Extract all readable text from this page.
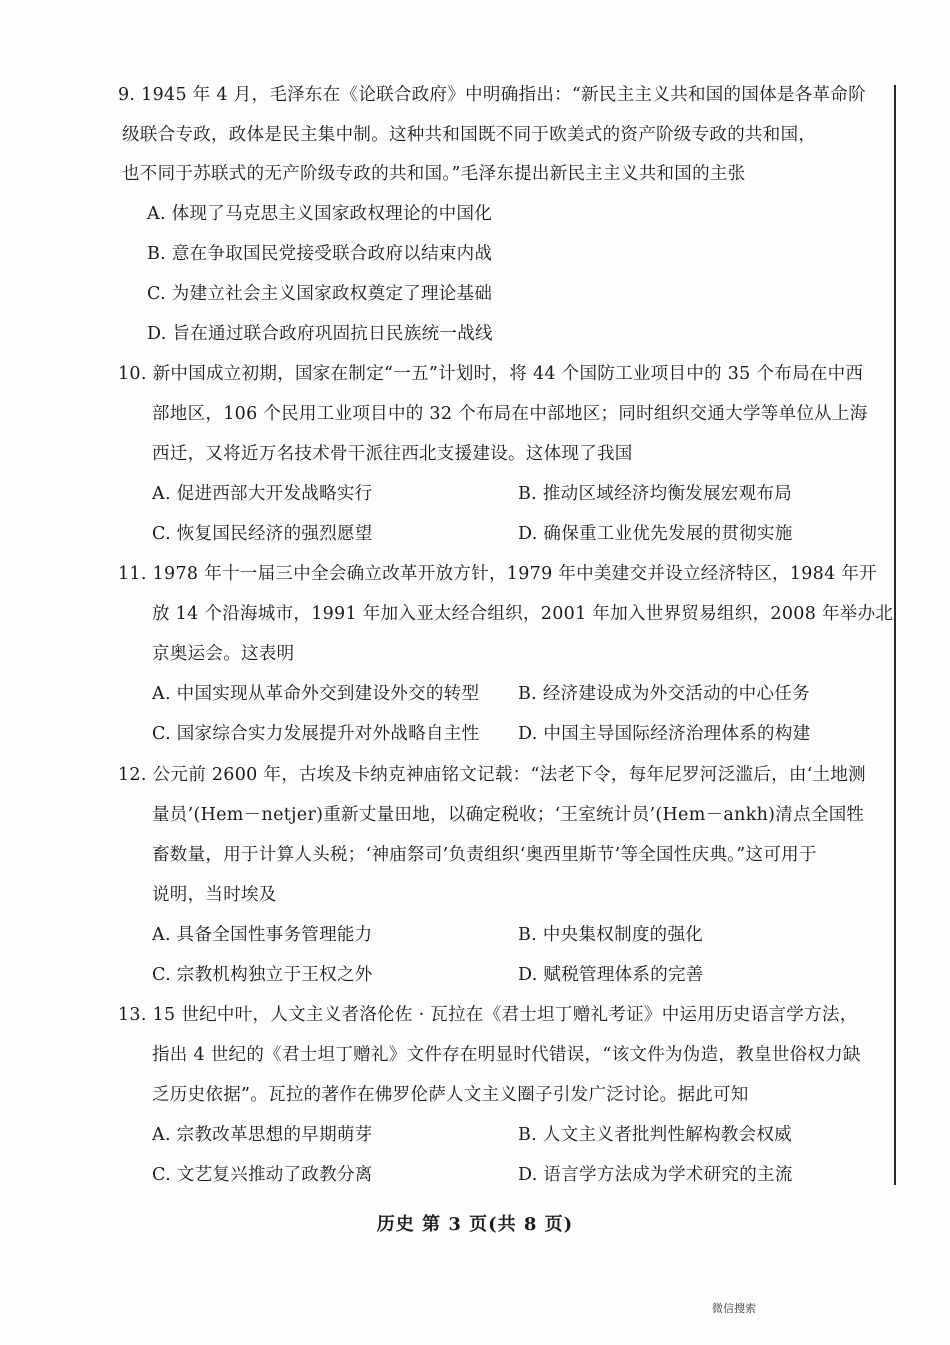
9. 1945 年 4 月，毛泽东在《论联合政府》中明确指出：“新民主主义共和国的国体是各革命阶
级联合专政，政体是民主集中制。这种共和国既不同于欧美式的资产阶级专政的共和国，
也不同于苏联式的无产阶级专政的共和国。”毛泽东提出新民主主义共和国的主张
A. 体现了马克思主义国家政权理论的中国化
B. 意在争取国民党接受联合政府以结束内战
C. 为建立社会主义国家政权奠定了理论基础
D. 旨在通过联合政府巩固抗日民族统一战线
10. 新中国成立初期，国家在制定“一五”计划时，将 44 个国防工业项目中的 35 个布局在中西
部地区，106 个民用工业项目中的 32 个布局在中部地区；同时组织交通大学等单位从上海
西迁，又将近万名技术骨干派往西北支援建设。这体现了我国
A. 促进西部大开发战略实行	B. 推动区域经济均衡发展宏观布局
C. 恢复国民经济的强烈愿望	D. 确保重工业优先发展的贯彻实施
11. 1978 年十一届三中全会确立改革开放方针，1979 年中美建交并设立经济特区，1984 年开
放 14 个沿海城市，1991 年加入亚太经合组织，2001 年加入世界贸易组织，2008 年举办北
京奥运会。这表明
A. 中国实现从革命外交到建设外交的转型 B. 经济建设成为外交活动的中心任务
C. 国家综合实力发展提升对外战略自主性 D. 中国主导国际经济治理体系的构建
12. 公元前 2600 年，古埃及卡纳克神庙铭文记载：“法老下令，每年尼罗河泛滥后，由‘土地测
量员’(Hem－netjer)重新丈量田地，以确定税收；‘王室统计员’(Hem－ankh)清点全国牲
畜数量，用于计算人头税；‘神庙祭司’负责组织‘奥西里斯节’等全国性庆典。”这可用于
说明，当时埃及
A. 具备全国性事务管理能力	B. 中央集权制度的强化
C. 宗教机构独立于王权之外	D. 赋税管理体系的完善
13. 15 世纪中叶，人文主义者洛伦佐 · 瓦拉在《君士坦丁赠礼考证》中运用历史语言学方法，
指出 4 世纪的《君士坦丁赠礼》文件存在明显时代错误，“该文件为伪造，教皇世俗权力缺
乏历史依据”。瓦拉的著作在佛罗伦萨人文主义圈子引发广泛讨论。据此可知
A. 宗教改革思想的早期萌芽	B. 人文主义者批判性解构教会权威
C. 文艺复兴推动了政教分离	D. 语言学方法成为学术研究的主流
历史 第 3 页(共 8 页)
微信搜索
